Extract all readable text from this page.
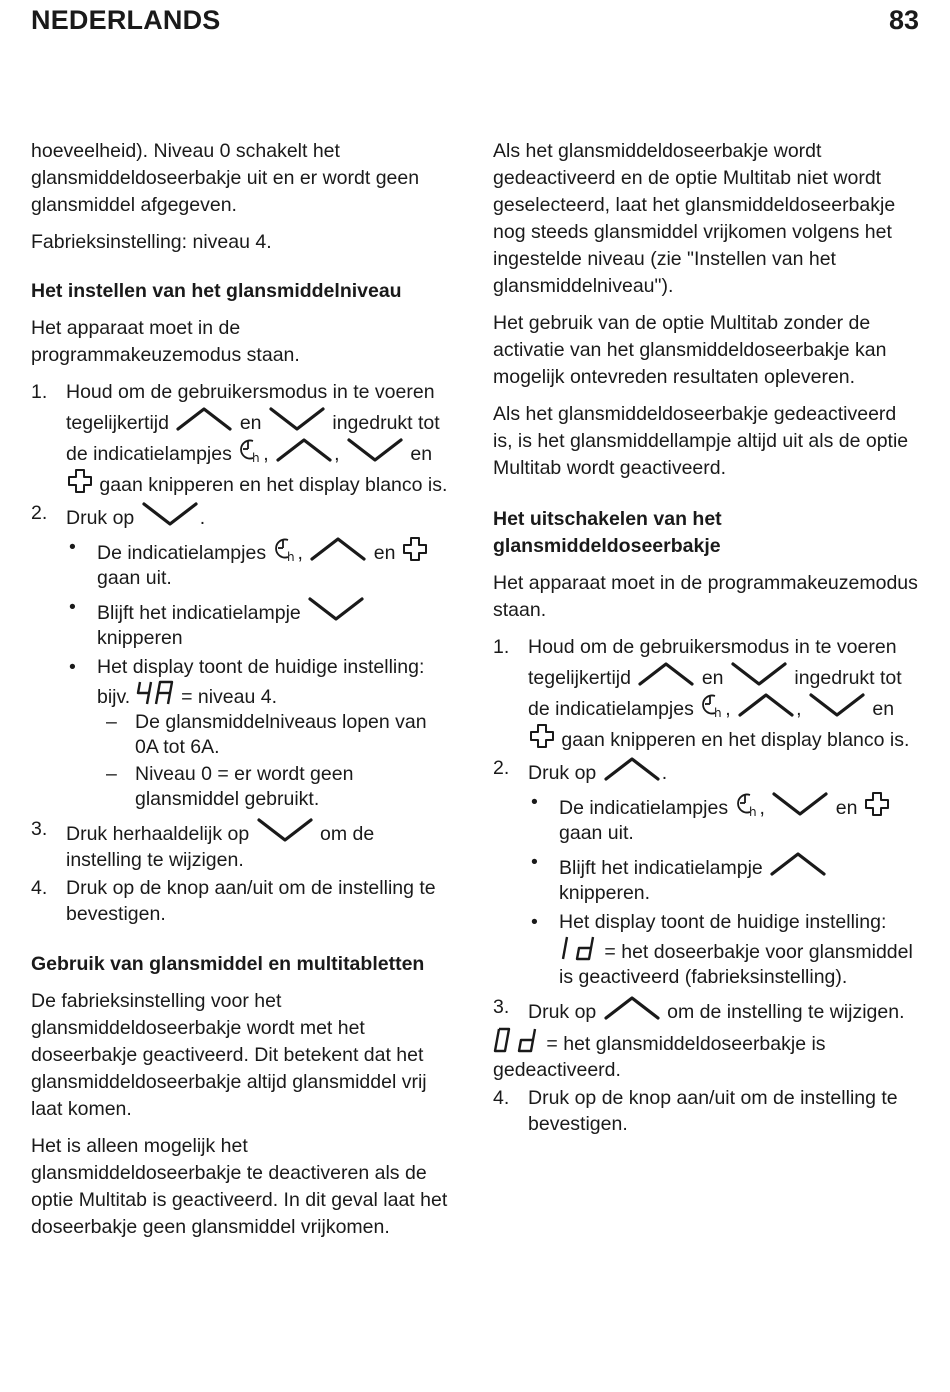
NEDERLANDS	83

hoeveelheid). Niveau 0 schakelt het glansmiddeldoseerbakje uit en er wordt geen glansmiddel afgegeven.

Fabrieksinstelling: niveau 4.

Het instellen van het glansmiddelniveau

Het apparaat moet in de programmakeuzemodus staan.

1. Houd om de gebruikersmodus in te voeren tegelijkertijd	en	ingedrukt tot de indicatielampjes ,	,	en  gaan knipperen en het display blanco is.
2. Druk op	.
• De indicatielampjes ,	en  gaan uit.
• Blijft het indicatielampje  knipperen
• Het display toont de huidige instelling: bijv.	= niveau 4.
– De glansmiddelniveaus lopen van 0A tot 6A.
– Niveau 0 = er wordt geen glansmiddel gebruikt.
3. Druk herhaaldelijk op	om de instelling te wijzigen.
4. Druk op de knop aan/uit om de instelling te bevestigen.
Gebruik van glansmiddel en multitabletten

De fabrieksinstelling voor het glansmiddeldoseerbakje wordt met het doseerbakje geactiveerd. Dit betekent dat het glansmiddeldoseerbakje altijd glansmiddel vrij laat komen.

Het is alleen mogelijk het glansmiddeldoseerbakje te deactiveren als de optie Multitab is geactiveerd. In dit geval laat het doseerbakje geen glansmiddel vrijkomen.

Als het glansmiddeldoseerbakje wordt gedeactiveerd en de optie Multitab niet wordt geselecteerd, laat het glansmiddeldoseerbakje nog steeds glansmiddel vrijkomen volgens het ingestelde niveau (zie "Instellen van het glansmiddelniveau").

Het gebruik van de optie Multitab zonder de activatie van het glansmiddeldoseerbakje kan mogelijk ontevreden resultaten opleveren.

Als het glansmiddeldoseerbakje gedeactiveerd is, is het glansmiddellampje altijd uit als de optie Multitab wordt geactiveerd.

Het uitschakelen van het glansmiddeldoseerbakje

Het apparaat moet in de programmakeuzemodus staan.

1. Houd om de gebruikersmodus in te voeren tegelijkertijd	en	ingedrukt tot de indicatielampjes ,	,	en  gaan knipperen en het display blanco is.
2. Druk op	.
• De indicatielampjes ,	en  gaan uit.
• Blijft het indicatielampje  knipperen.
• Het display toont de huidige instelling:  = het doseerbakje voor glansmiddel is geactiveerd (fabrieksinstelling).
3. Druk op	om de instelling te wijzigen.
= het glansmiddeldoseerbakje is gedeactiveerd.
4. Druk op de knop aan/uit om de instelling te bevestigen.
